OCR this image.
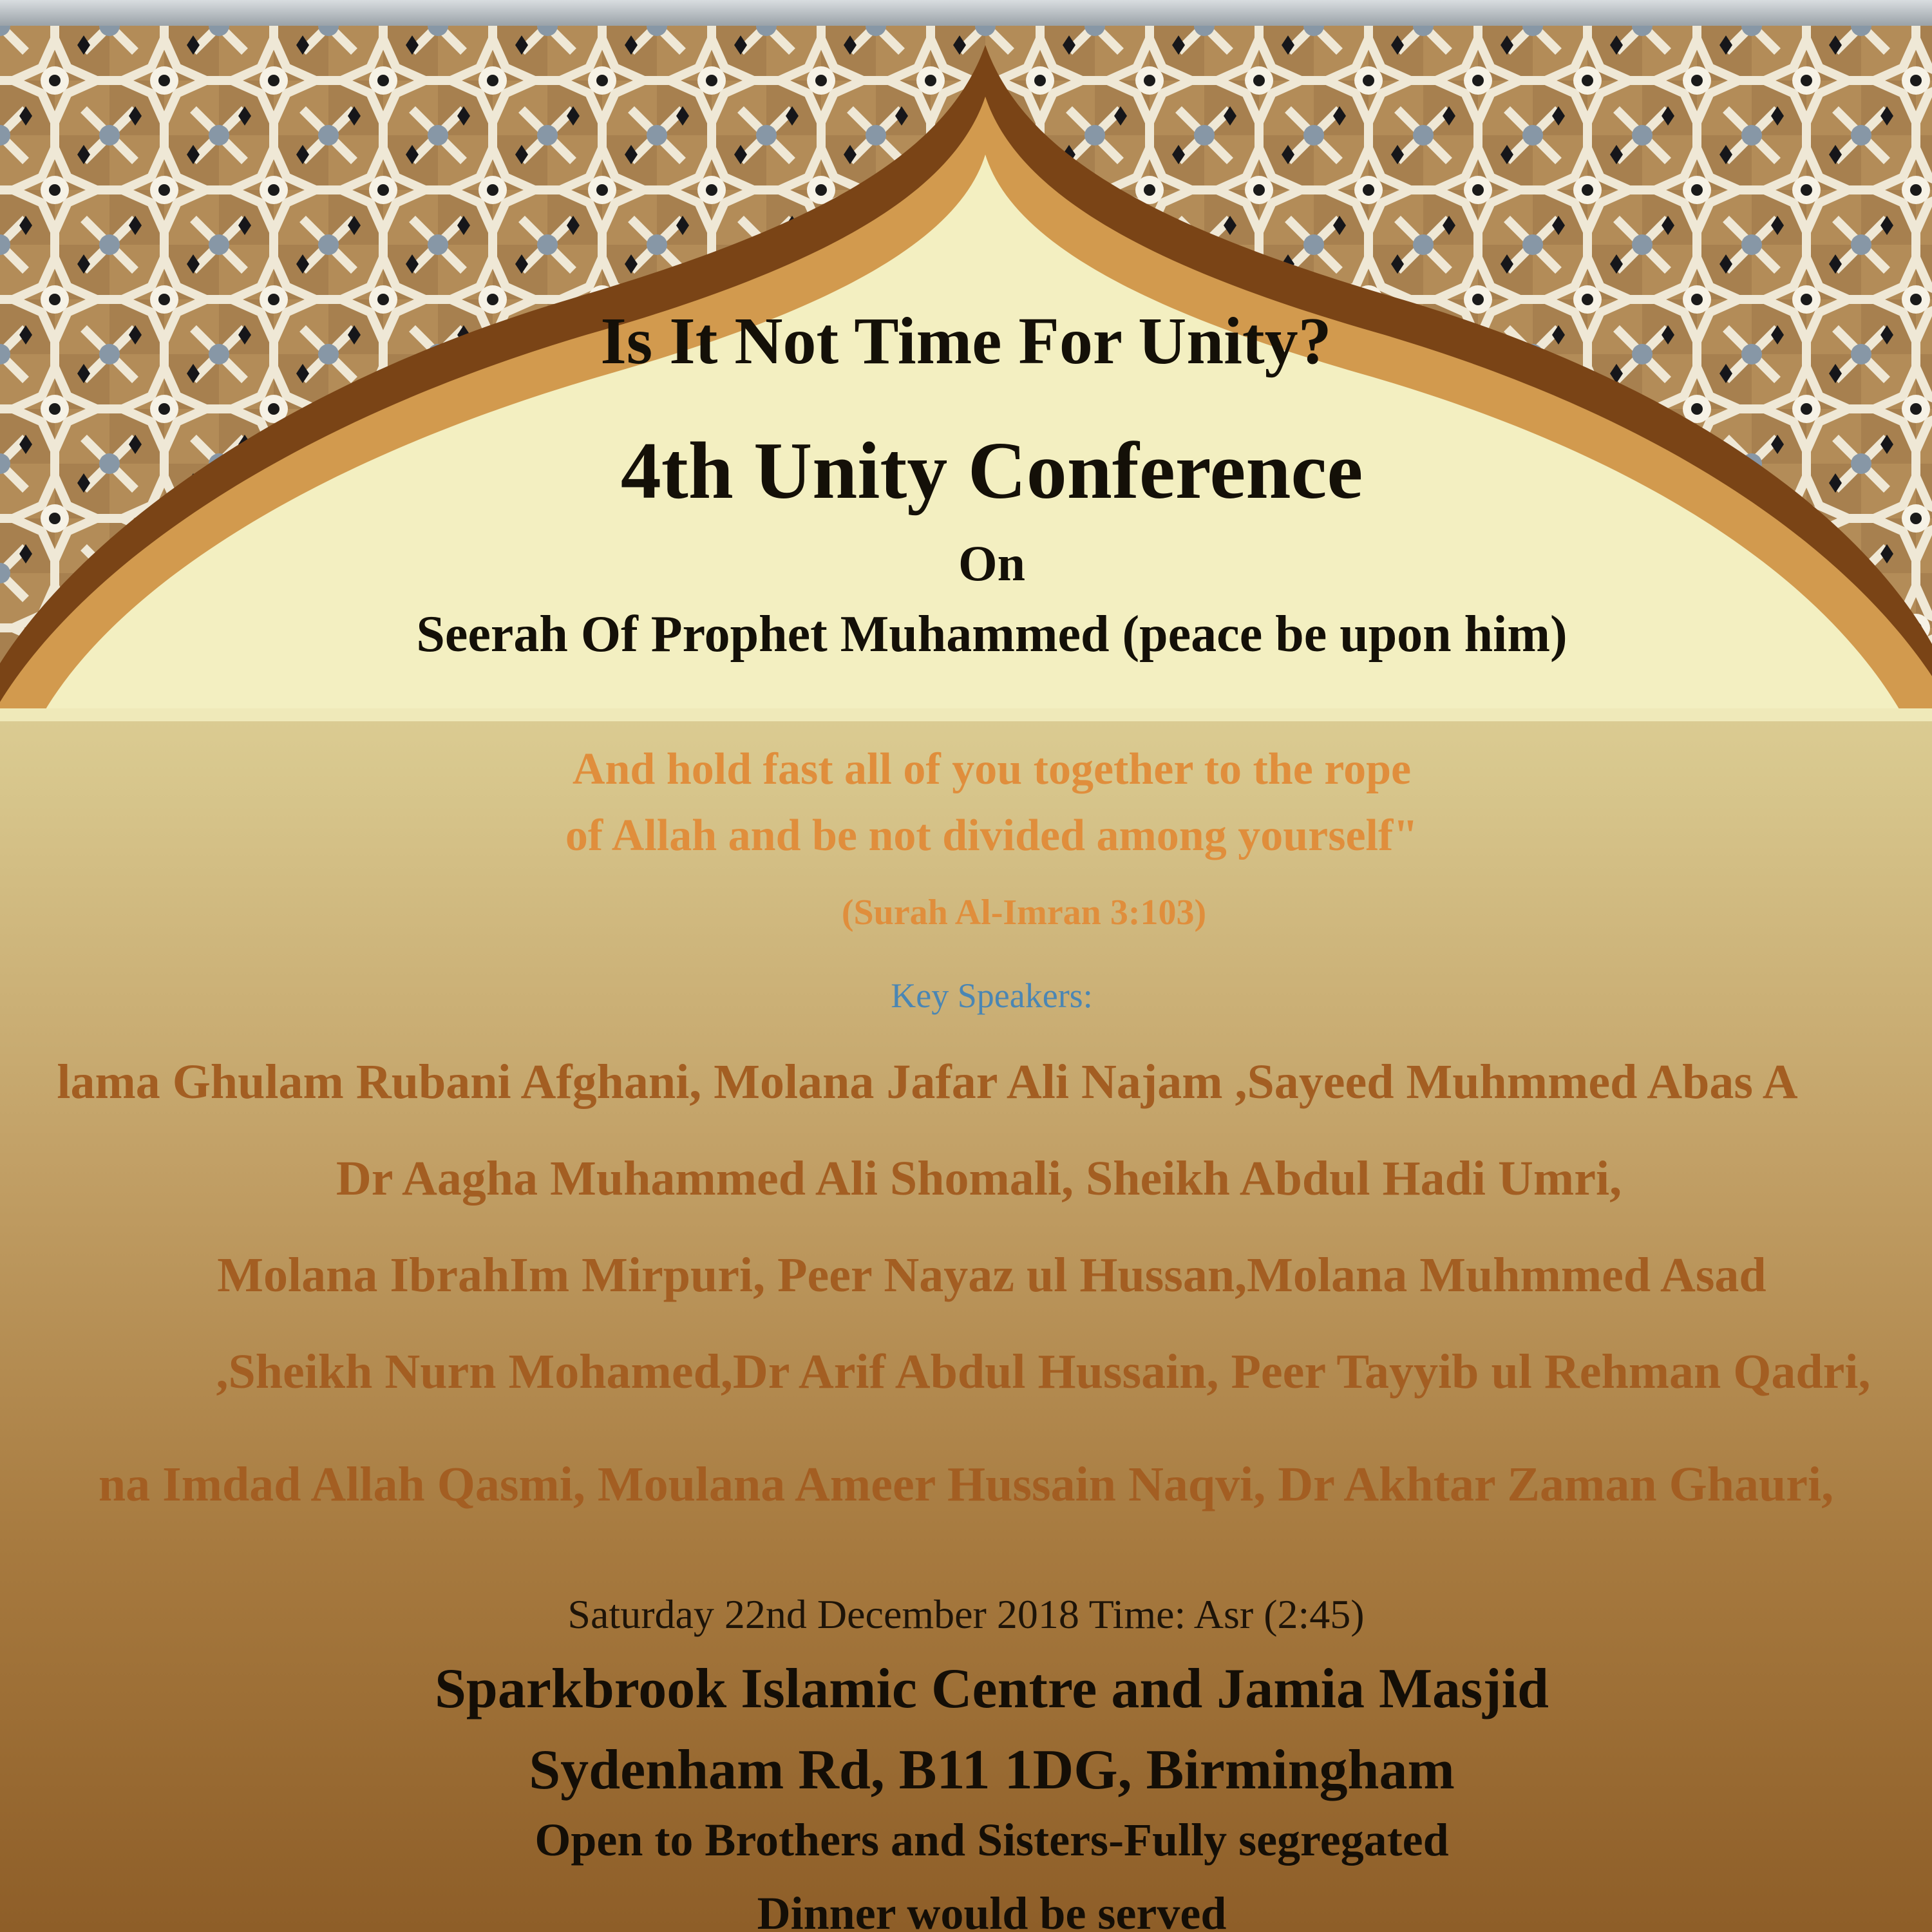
Is It Not Time For Unity?
4th Unity Conference
On
Seerah Of Prophet Muhammed (peace be upon him)
And hold fast all of you together to the rope
of Allah and be not divided among yourself"
(Surah Al-Imran 3:103)
Key Speakers:
lama Ghulam Rubani Afghani, Molana Jafar Ali Najam ,Sayeed Muhmmed Abas A
Dr Aagha Muhammed Ali Shomali, Sheikh Abdul Hadi Umri,
Molana IbrahIm Mirpuri, Peer Nayaz ul Hussan,Molana Muhmmed Asad
,Sheikh Nurn Mohamed,Dr Arif Abdul Hussain, Peer Tayyib ul Rehman Qadri,
na Imdad Allah Qasmi, Moulana Ameer Hussain Naqvi, Dr Akhtar Zaman Ghauri,
Saturday 22nd December 2018 Time: Asr (2:45)
Sparkbrook Islamic Centre and Jamia Masjid
Sydenham Rd, B11 1DG, Birmingham
Open to Brothers and Sisters-Fully segregated
Dinner would be served
